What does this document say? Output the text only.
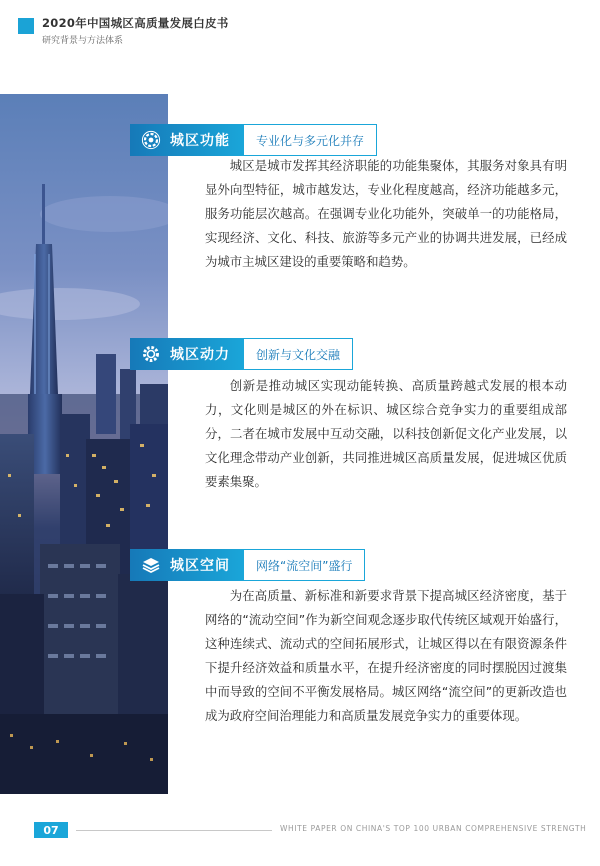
2020年中国城区高质量发展白皮书
研究背景与方法体系
城区功能	专业化与多元化并存

城区是城市发挥其经济职能的功能集聚体，其服务对象具有明显外向型特征，城市越发达，专业化程度越高，经济功能越多元，服务功能层次越高。在强调专业化功能外，突破单一的功能格局，实现经济、文化、科技、旅游等多元产业的协调共进发展，已经成为城市主城区建设的重要策略和趋势。

城区动力	创新与文化交融

创新是推动城区实现动能转换、高质量跨越式发展的根本动力，文化则是城区的外在标识、城区综合竞争实力的重要组成部分，二者在城市发展中互动交融，以科技创新促文化产业发展，以文化理念带动产业创新，共同推进城区高质量发展，促进城区优质要素集聚。

城区空间	网络“流空间”盛行

为在高质量、新标准和新要求背景下提高城区经济密度，基于网络的“流动空间”作为新空间观念逐步取代传统区域观开始盛行，这种连续式、流动式的空间拓展形式，让城区得以在有限资源条件下提升经济效益和质量水平，在提升经济密度的同时摆脱因过渡集中而导致的空间不平衡发展格局。城区网络“流空间”的更新改造也成为政府空间治理能力和高质量发展竞争实力的重要体现。

07	WHITE PAPER ON CHINA'S TOP 100 URBAN COMPREHENSIVE STRENGTH
